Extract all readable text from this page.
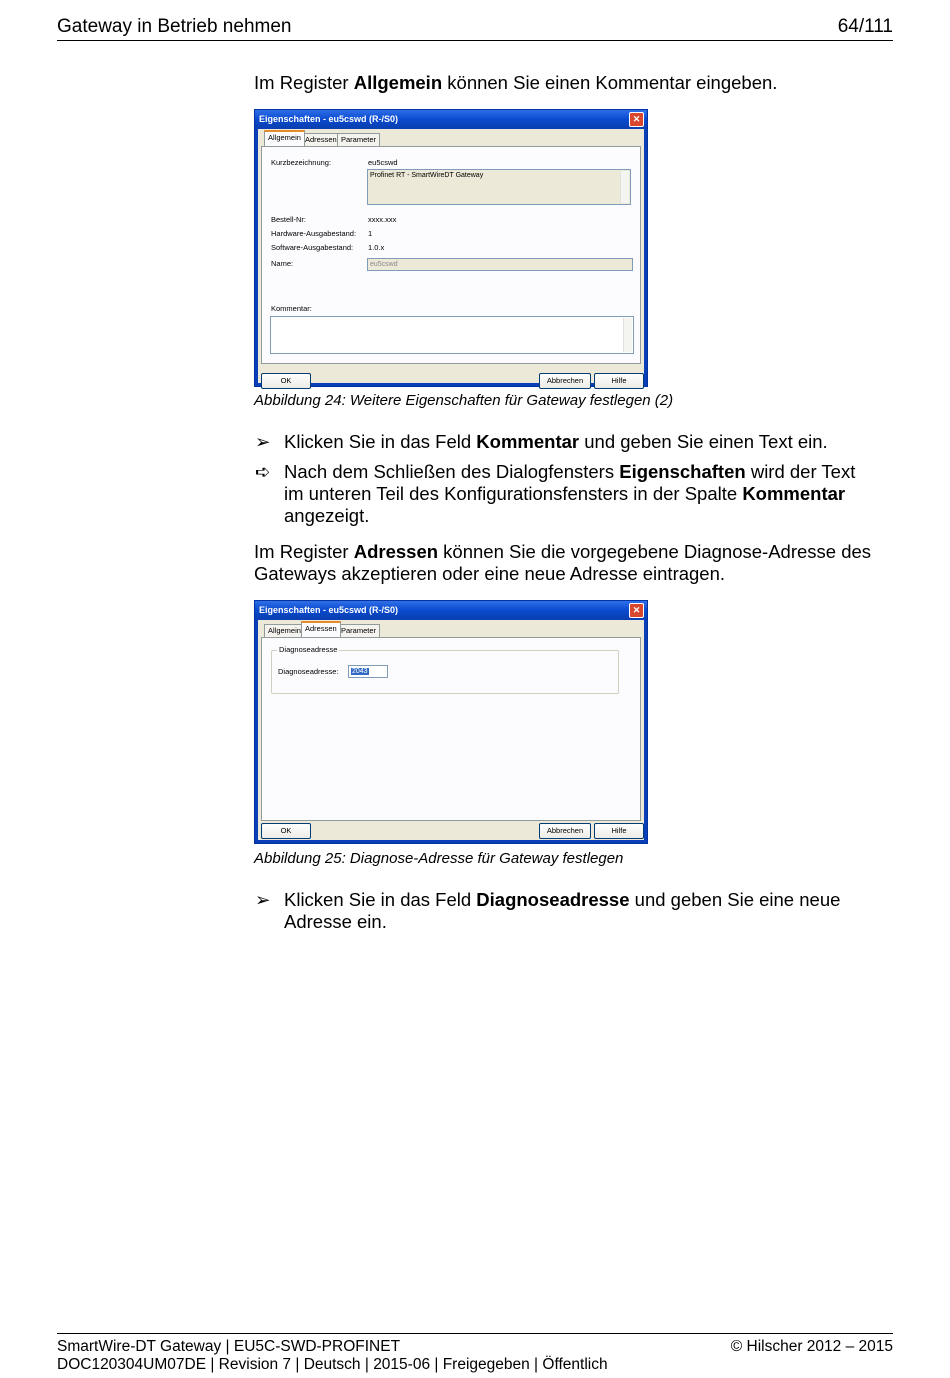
Gateway in Betrieb nehmen	64/111
Im Register Allgemein können Sie einen Kommentar eingeben.
Eigenschaften - eu5cswd (R-/S0)	✕
Allgemein Adressen Parameter
Kurzbezeichnung:	eu5cswd
Profinet RT - SmartWireDT Gateway
Bestell-Nr:	xxxx.xxx
Hardware-Ausgabestand: 1
Software-Ausgabestand: 1.0.x
Name:	eu5cswd
Kommentar:
OK	Abbrechen	Hilfe
Abbildung 24: Weitere Eigenschaften für Gateway festlegen (2)
➢ Klicken Sie in das Feld Kommentar und geben Sie einen Text ein.
➪ Nach dem Schließen des Dialogfensters Eigenschaften wird der Text im unteren Teil des Konfigurationsfensters in der Spalte Kommentar angezeigt.
Im Register Adressen können Sie die vorgegebene Diagnose-Adresse des Gateways akzeptieren oder eine neue Adresse eintragen.
Eigenschaften - eu5cswd (R-/S0)	✕
Allgemein Adressen Parameter
Diagnoseadresse
Diagnoseadresse:	2043
OK	Abbrechen	Hilfe
Abbildung 25: Diagnose-Adresse für Gateway festlegen
➢ Klicken Sie in das Feld Diagnoseadresse und geben Sie eine neue Adresse ein.
SmartWire-DT Gateway | EU5C-SWD-PROFINET
DOC120304UM07DE | Revision 7 | Deutsch | 2015-06 | Freigegeben | Öffentlich
© Hilscher 2012 – 2015
